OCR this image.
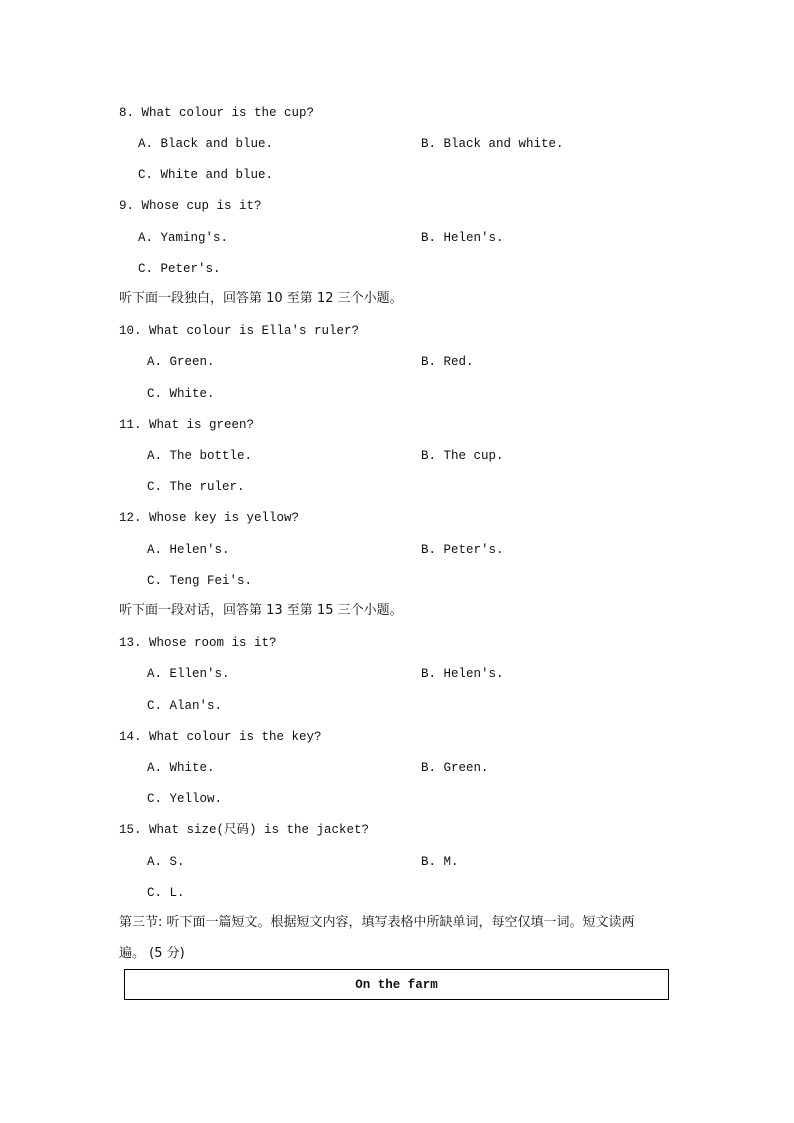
8. What colour is the cup?
A. Black and blue.	B. Black and white.
C. White and blue.
9. Whose cup is it?
A. Yaming's.	B. Helen's.
C. Peter's.
听下面一段独白，回答第 10 至第 12 三个小题。
10. What colour is Ella's ruler?
A. Green.	B. Red.
C. White.
11. What is green?
A. The bottle.	B. The cup.
C. The ruler.
12. Whose key is yellow?
A. Helen's.	B. Peter's.
C. Teng Fei's.
听下面一段对话，回答第 13 至第 15 三个小题。
13. Whose room is it?
A. Ellen's.	B. Helen's.
C. Alan's.
14. What colour is the key?
A. White.	B. Green.
C. Yellow.
15. What size(尺码) is the jacket?
A. S.	B. M.
C. L.
第三节: 听下面一篇短文。根据短文内容，填写表格中所缺单词，每空仅填一词。短文读两
遍。 (5 分)
On the farm
